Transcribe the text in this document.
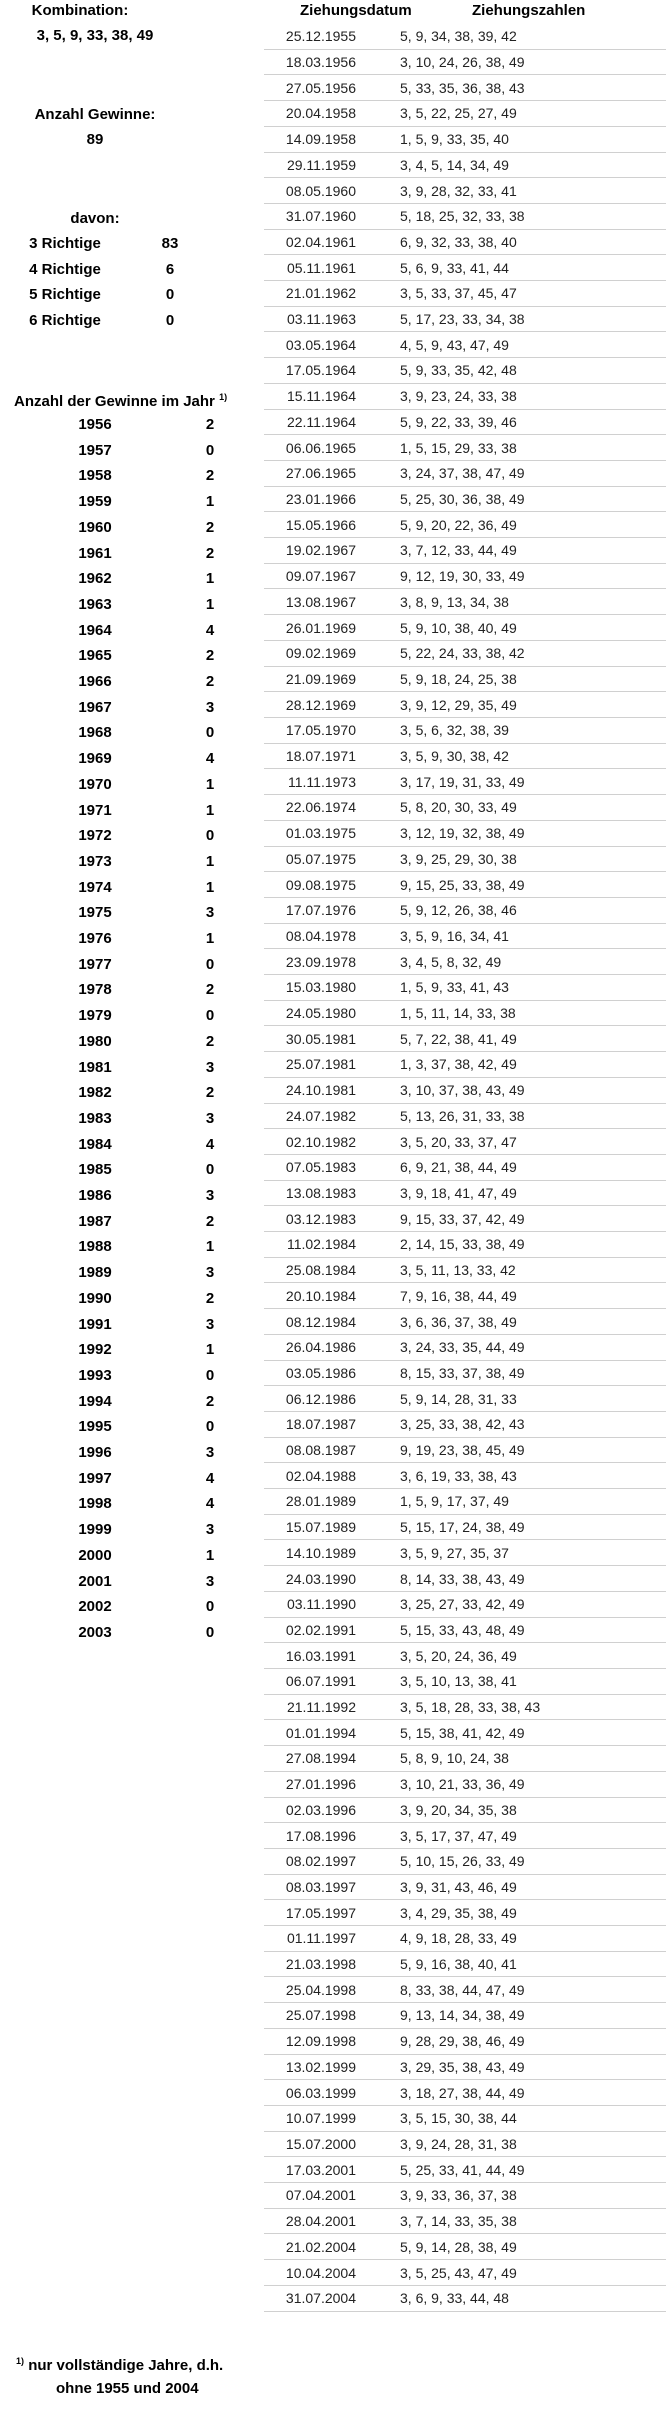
Kombination:
3, 5, 9, 33, 38, 49
Anzahl Gewinne:
89
davon:
3 Richtige	83
4 Richtige	6
5 Richtige	0
6 Richtige	0
Anzahl der Gewinne im Jahr $^{1)}$
1956	2
1957	0
1958	2
1959	1
1960	2
1961	2
1962	1
1963	1
1964	4
1965	2
1966	2
1967	3
1968	0
1969	4
1970	1
1971	1
1972	0
1973	1
1974	1
1975	3
1976	1
1977	0
1978	2
1979	0
1980	2
1981	3
1982	2
1983	3
1984	4
1985	0
1986	3
1987	2
1988	1
1989	3
1990	2
1991	3
1992	1
1993	0
1994	2
1995	0
1996	3
1997	4
1998	4
1999	3
2000	1
2001	3
2002	0
2003	0
Ziehungsdatum	Ziehungszahlen
25.12.1955	5, 9, 34, 38, 39, 42
18.03.1956	3, 10, 24, 26, 38, 49
27.05.1956	5, 33, 35, 36, 38, 43
20.04.1958	3, 5, 22, 25, 27, 49
14.09.1958	1, 5, 9, 33, 35, 40
29.11.1959	3, 4, 5, 14, 34, 49
08.05.1960	3, 9, 28, 32, 33, 41
31.07.1960	5, 18, 25, 32, 33, 38
02.04.1961	6, 9, 32, 33, 38, 40
05.11.1961	5, 6, 9, 33, 41, 44
21.01.1962	3, 5, 33, 37, 45, 47
03.11.1963	5, 17, 23, 33, 34, 38
03.05.1964	4, 5, 9, 43, 47, 49
17.05.1964	5, 9, 33, 35, 42, 48
15.11.1964	3, 9, 23, 24, 33, 38
22.11.1964	5, 9, 22, 33, 39, 46
06.06.1965	1, 5, 15, 29, 33, 38
27.06.1965	3, 24, 37, 38, 47, 49
23.01.1966	5, 25, 30, 36, 38, 49
15.05.1966	5, 9, 20, 22, 36, 49
19.02.1967	3, 7, 12, 33, 44, 49
09.07.1967	9, 12, 19, 30, 33, 49
13.08.1967	3, 8, 9, 13, 34, 38
26.01.1969	5, 9, 10, 38, 40, 49
09.02.1969	5, 22, 24, 33, 38, 42
21.09.1969	5, 9, 18, 24, 25, 38
28.12.1969	3, 9, 12, 29, 35, 49
17.05.1970	3, 5, 6, 32, 38, 39
18.07.1971	3, 5, 9, 30, 38, 42
11.11.1973	3, 17, 19, 31, 33, 49
22.06.1974	5, 8, 20, 30, 33, 49
01.03.1975	3, 12, 19, 32, 38, 49
05.07.1975	3, 9, 25, 29, 30, 38
09.08.1975	9, 15, 25, 33, 38, 49
17.07.1976	5, 9, 12, 26, 38, 46
08.04.1978	3, 5, 9, 16, 34, 41
23.09.1978	3, 4, 5, 8, 32, 49
15.03.1980	1, 5, 9, 33, 41, 43
24.05.1980	1, 5, 11, 14, 33, 38
30.05.1981	5, 7, 22, 38, 41, 49
25.07.1981	1, 3, 37, 38, 42, 49
24.10.1981	3, 10, 37, 38, 43, 49
24.07.1982	5, 13, 26, 31, 33, 38
02.10.1982	3, 5, 20, 33, 37, 47
07.05.1983	6, 9, 21, 38, 44, 49
13.08.1983	3, 9, 18, 41, 47, 49
03.12.1983	9, 15, 33, 37, 42, 49
11.02.1984	2, 14, 15, 33, 38, 49
25.08.1984	3, 5, 11, 13, 33, 42
20.10.1984	7, 9, 16, 38, 44, 49
08.12.1984	3, 6, 36, 37, 38, 49
26.04.1986	3, 24, 33, 35, 44, 49
03.05.1986	8, 15, 33, 37, 38, 49
06.12.1986	5, 9, 14, 28, 31, 33
18.07.1987	3, 25, 33, 38, 42, 43
08.08.1987	9, 19, 23, 38, 45, 49
02.04.1988	3, 6, 19, 33, 38, 43
28.01.1989	1, 5, 9, 17, 37, 49
15.07.1989	5, 15, 17, 24, 38, 49
14.10.1989	3, 5, 9, 27, 35, 37
24.03.1990	8, 14, 33, 38, 43, 49
03.11.1990	3, 25, 27, 33, 42, 49
02.02.1991	5, 15, 33, 43, 48, 49
16.03.1991	3, 5, 20, 24, 36, 49
06.07.1991	3, 5, 10, 13, 38, 41
21.11.1992	3, 5, 18, 28, 33, 38, 43
01.01.1994	5, 15, 38, 41, 42, 49
27.08.1994	5, 8, 9, 10, 24, 38
27.01.1996	3, 10, 21, 33, 36, 49
02.03.1996	3, 9, 20, 34, 35, 38
17.08.1996	3, 5, 17, 37, 47, 49
08.02.1997	5, 10, 15, 26, 33, 49
08.03.1997	3, 9, 31, 43, 46, 49
17.05.1997	3, 4, 29, 35, 38, 49
01.11.1997	4, 9, 18, 28, 33, 49
21.03.1998	5, 9, 16, 38, 40, 41
25.04.1998	8, 33, 38, 44, 47, 49
25.07.1998	9, 13, 14, 34, 38, 49
12.09.1998	9, 28, 29, 38, 46, 49
13.02.1999	3, 29, 35, 38, 43, 49
06.03.1999	3, 18, 27, 38, 44, 49
10.07.1999	3, 5, 15, 30, 38, 44
15.07.2000	3, 9, 24, 28, 31, 38
17.03.2001	5, 25, 33, 41, 44, 49
07.04.2001	3, 9, 33, 36, 37, 38
28.04.2001	3, 7, 14, 33, 35, 38
21.02.2004	5, 9, 14, 28, 38, 49
10.04.2004	3, 5, 25, 43, 47, 49
31.07.2004	3, 6, 9, 33, 44, 48
$^{1)}$ nur vollständige Jahre, d.h.
ohne 1955 und 2004
